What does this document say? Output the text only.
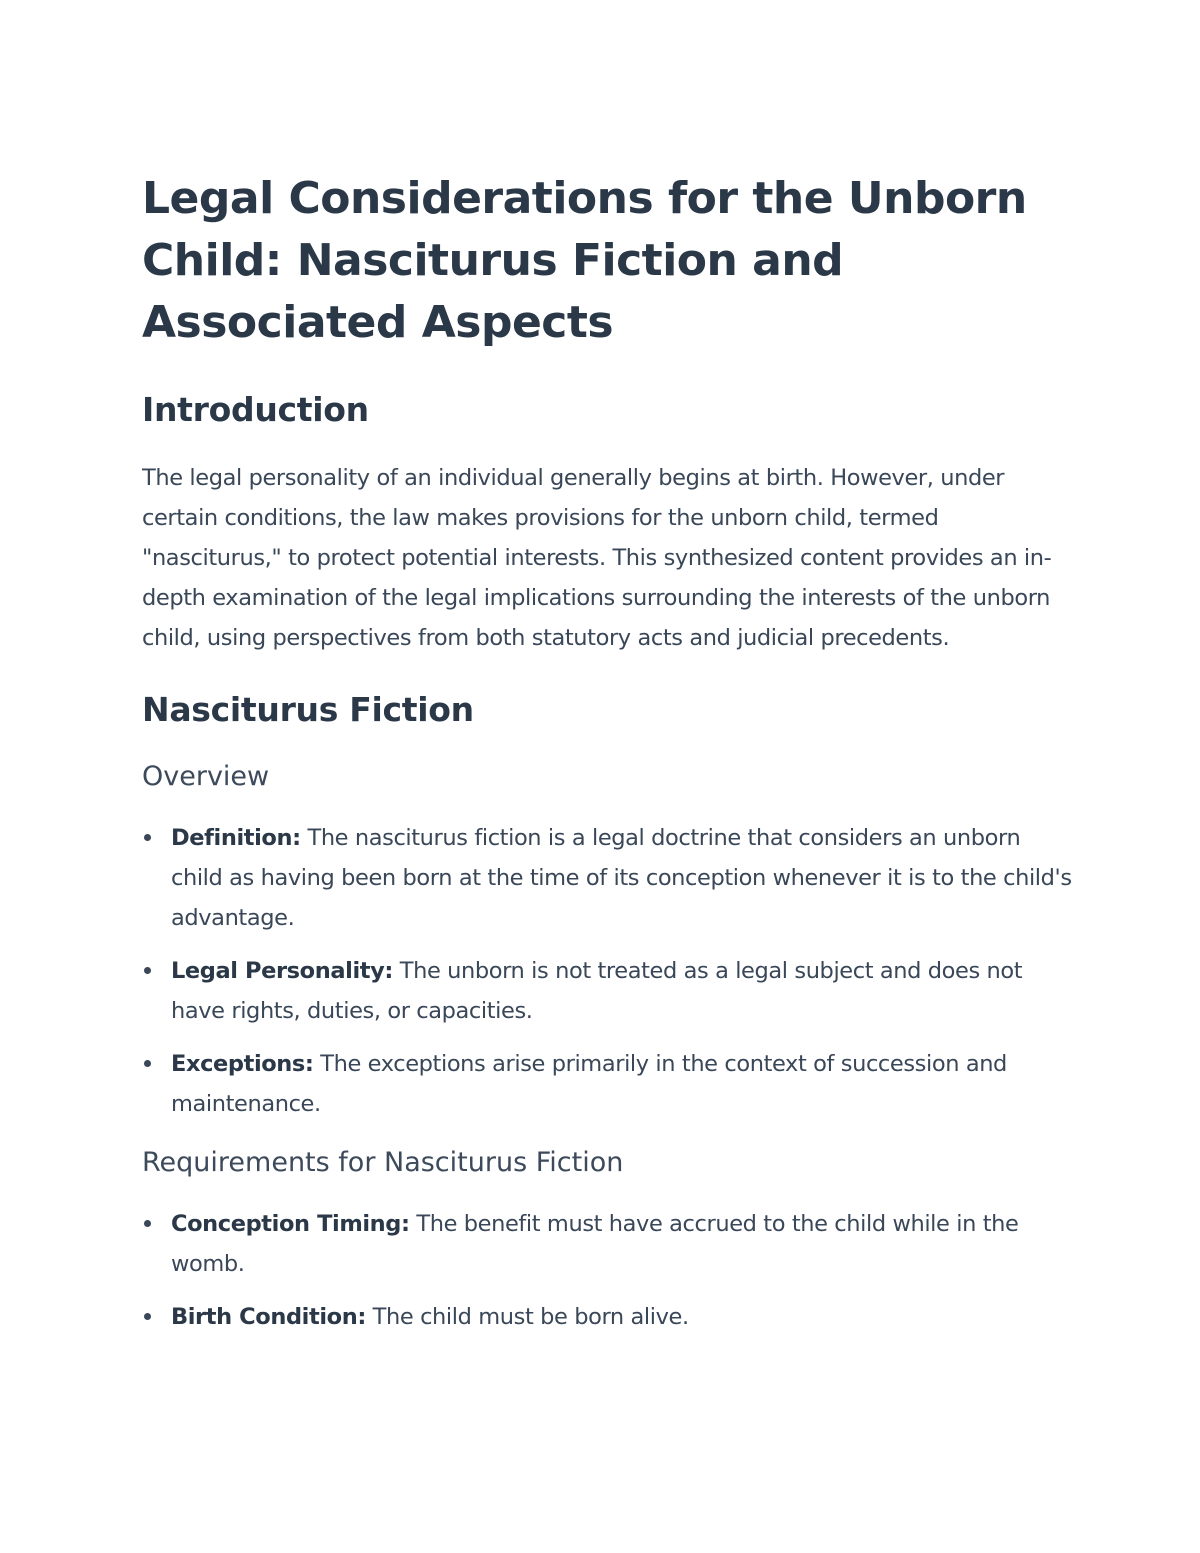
Legal Considerations for the Unborn Child: Nasciturus Fiction and Associated Aspects
Introduction

The legal personality of an individual generally begins at birth. However, under certain conditions, the law makes provisions for the unborn child, termed "nasciturus," to protect potential interests. This synthesized content provides an in-depth examination of the legal implications surrounding the interests of the unborn child, using perspectives from both statutory acts and judicial precedents.

Nasciturus Fiction
Overview
Definition: The nasciturus fiction is a legal doctrine that considers an unborn child as having been born at the time of its conception whenever it is to the child's advantage.
Legal Personality: The unborn is not treated as a legal subject and does not have rights, duties, or capacities.
Exceptions: The exceptions arise primarily in the context of succession and maintenance.
Requirements for Nasciturus Fiction
Conception Timing: The benefit must have accrued to the child while in the womb.
Birth Condition: The child must be born alive.
